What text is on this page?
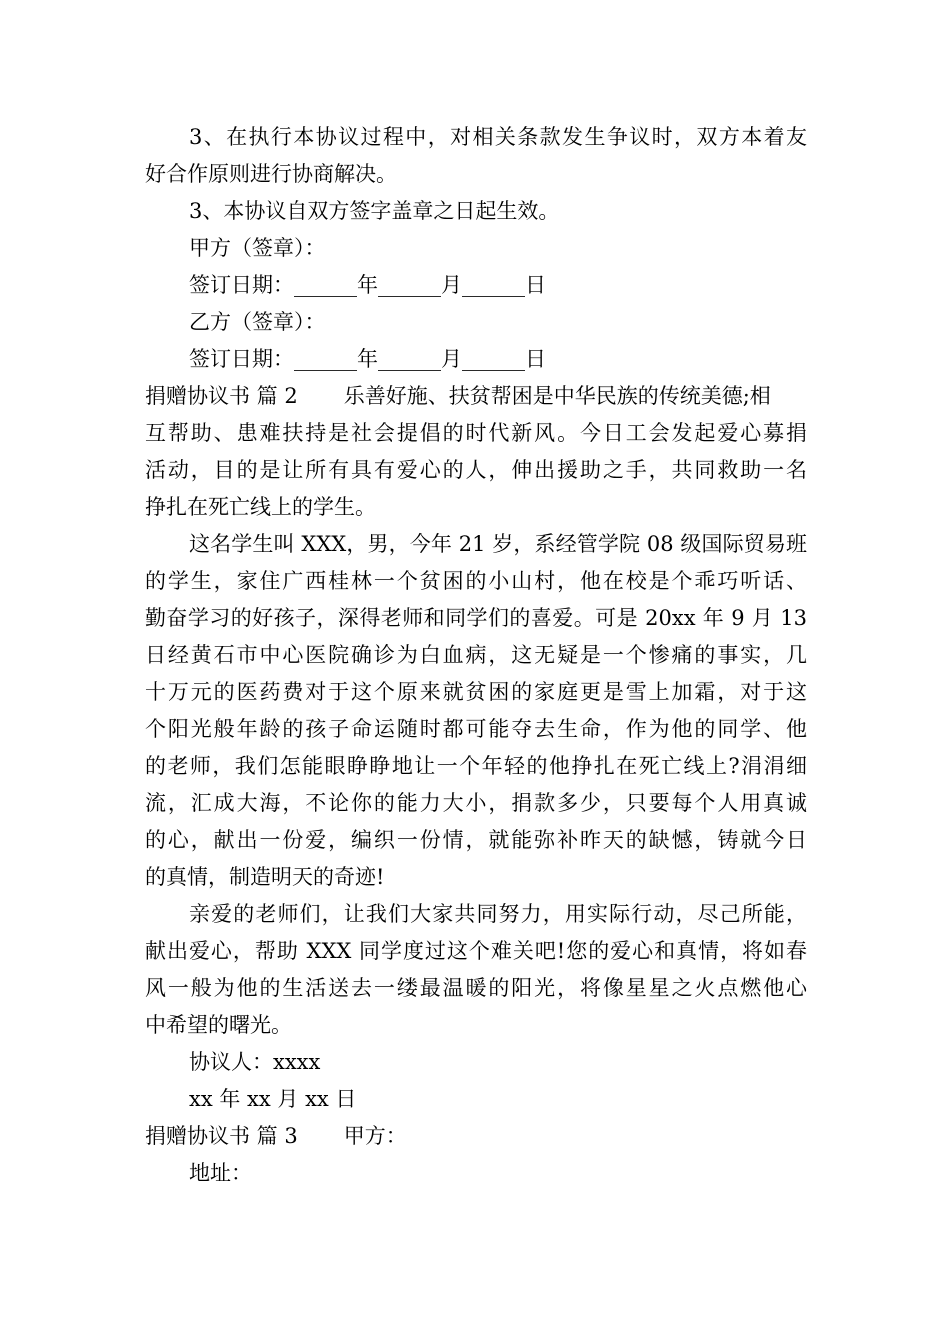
3、在执行本协议过程中，对相关条款发生争议时，双方本着友
好合作原则进行协商解决。
3、本协议自双方签字盖章之日起生效。
甲方（签章）：
签订日期：______年______月______日
乙方（签章）：
签订日期：______年______月______日
捐赠协议书 篇 2 乐善好施、扶贫帮困是中华民族的传统美德;相
互帮助、患难扶持是社会提倡的时代新风。今日工会发起爱心募捐
活动，目的是让所有具有爱心的人，伸出援助之手，共同救助一名
挣扎在死亡线上的学生。
这名学生叫 XXX，男，今年 21 岁，系经管学院 08 级国际贸易班
的学生，家住广西桂林一个贫困的小山村，他在校是个乖巧听话、
勤奋学习的好孩子，深得老师和同学们的喜爱。可是 20xx 年 9 月 13
日经黄石市中心医院确诊为白血病，这无疑是一个惨痛的事实，几
十万元的医药费对于这个原来就贫困的家庭更是雪上加霜，对于这
个阳光般年龄的孩子命运随时都可能夺去生命，作为他的同学、他
的老师，我们怎能眼睁睁地让一个年轻的他挣扎在死亡线上?涓涓细
流，汇成大海，不论你的能力大小，捐款多少，只要每个人用真诚
的心，献出一份爱，编织一份情，就能弥补昨天的缺憾，铸就今日
的真情，制造明天的奇迹!
亲爱的老师们，让我们大家共同努力，用实际行动，尽己所能，
献出爱心，帮助 XXX 同学度过这个难关吧!您的爱心和真情，将如春
风一般为他的生活送去一缕最温暖的阳光，将像星星之火点燃他心
中希望的曙光。
协议人：xxxx
xx 年 xx 月 xx 日
捐赠协议书 篇 3 甲方：
地址：
